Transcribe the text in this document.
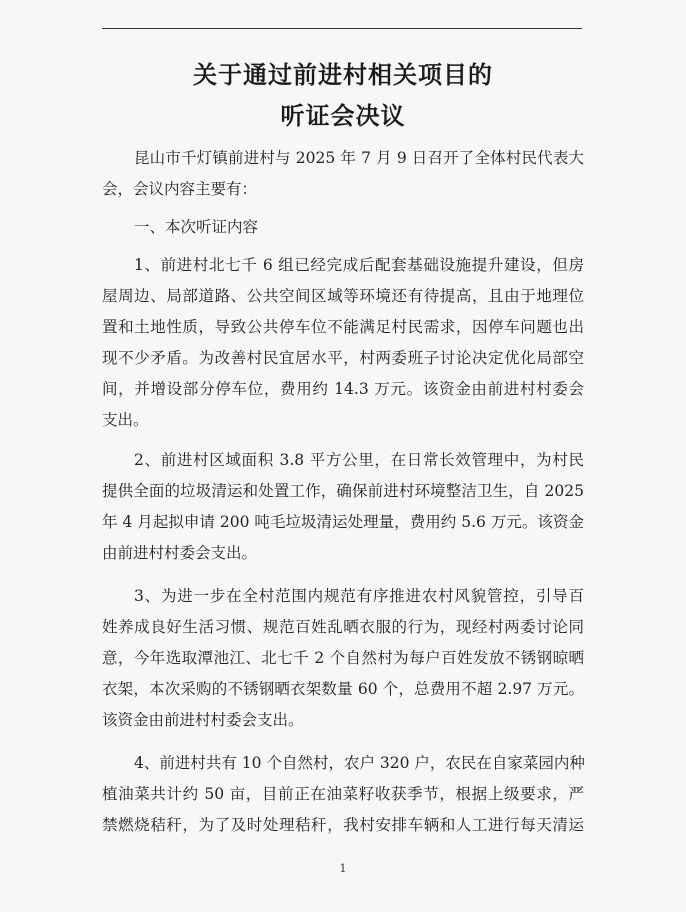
关于通过前进村相关项目的
听证会决议

昆山市千灯镇前进村与 2025 年 7 月 9 日召开了全体村民代表大
会，会议内容主要有：

一、本次听证内容

1、前进村北七千 6 组已经完成后配套基础设施提升建设，但房
屋周边、局部道路、公共空间区域等环境还有待提高，且由于地理位
置和土地性质，导致公共停车位不能满足村民需求，因停车问题也出
现不少矛盾。为改善村民宜居水平，村两委班子讨论决定优化局部空
间，并增设部分停车位，费用约 14.3 万元。该资金由前进村村委会
支出。

2、前进村区域面积 3.8 平方公里，在日常长效管理中，为村民
提供全面的垃圾清运和处置工作，确保前进村环境整洁卫生，自 2025
年 4 月起拟申请 200 吨毛垃圾清运处理量，费用约 5.6 万元。该资金
由前进村村委会支出。

3、为进一步在全村范围内规范有序推进农村风貌管控，引导百
姓养成良好生活习惯、规范百姓乱晒衣服的行为，现经村两委讨论同
意，今年选取潭池江、北七千 2 个自然村为每户百姓发放不锈钢晾晒
衣架，本次采购的不锈钢晒衣架数量 60 个，总费用不超 2.97 万元。
该资金由前进村村委会支出。

4、前进村共有 10 个自然村，农户 320 户，农民在自家菜园内种
植油菜共计约 50 亩，目前正在油菜籽收获季节，根据上级要求，严
禁燃烧秸秆，为了及时处理秸秆，我村安排车辆和人工进行每天清运

1
